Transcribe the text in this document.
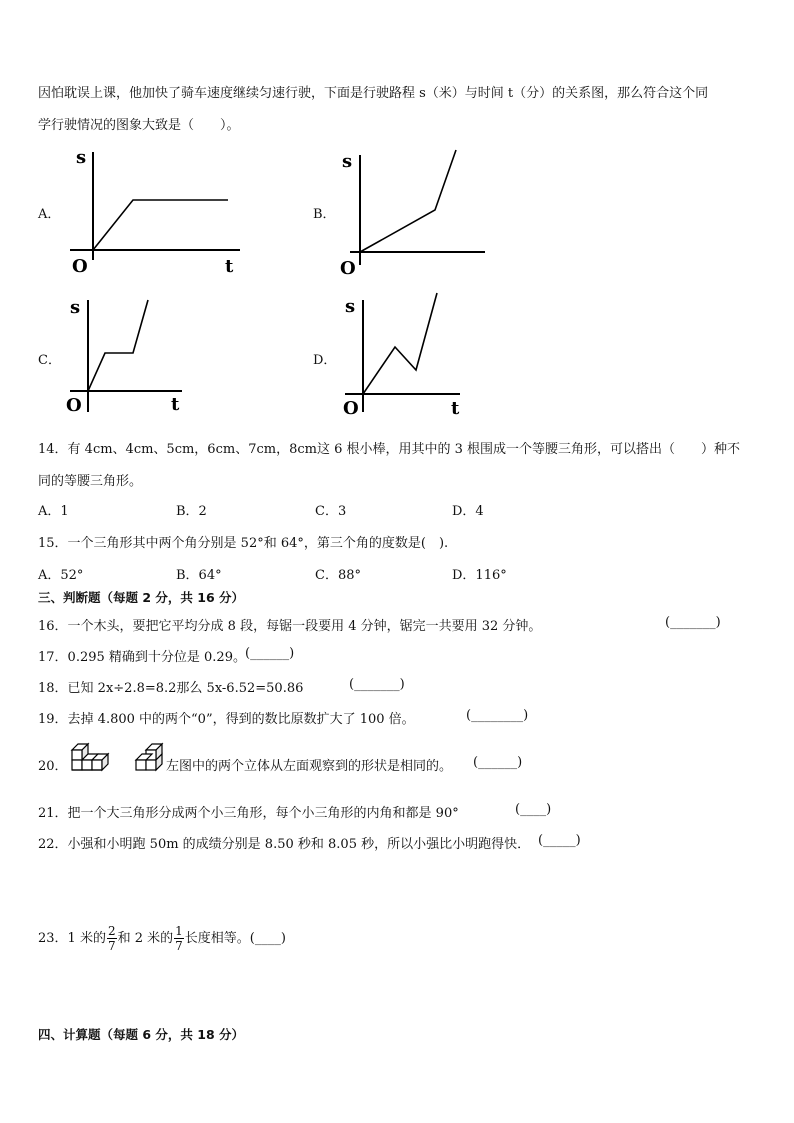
因怕耽误上课，他加快了骑车速度继续匀速行驶，下面是行驶路程 s（米）与时间 t（分）的关系图，那么符合这个同
学行驶情况的图象大致是（　　）。
A．
s
O	t
B．
s
O
C．
s
O	t
D．
s
O	t
14．有 4cm、4cm、5cm，6cm、7cm，8cm这 6 根小棒，用其中的 3 根围成一个等腰三角形，可以搭出（　　）种不
同的等腰三角形。
A．1	B．2	C．3	D．4
15．一个三角形其中两个角分别是 52°和 64°，第三个角的度数是(　).
A．52°	B．64°	C．88°	D．116°
三、判断题（每题 2 分，共 16 分）
16．一个木头，要把它平均分成 8 段，每锯一段要用 4 分钟，锯完一共要用 32 分钟。	(_______)
17．0.295 精确到十分位是 0.29。 (______)
18．已知 2x÷2.8=8.2那么 5x-6.52=50.86	(_______)
19．去掉 4.800 中的两个“0”，得到的数比原数扩大了 100 倍。	(________)
20．	左图中的两个立体从左面观察到的形状是相同的。 (______)
21．把一个大三角形分成两个小三角形，每个小三角形的内角和都是 90°	(____)
22．小强和小明跑 50m 的成绩分别是 8.50 秒和 8.05 秒，所以小强比小明跑得快． (_____)
23．1 米的 $\frac{2}{7}$ 和 2 米的 $\frac{1}{7}$ 长度相等。(____)
四、计算题（每题 6 分，共 18 分）
